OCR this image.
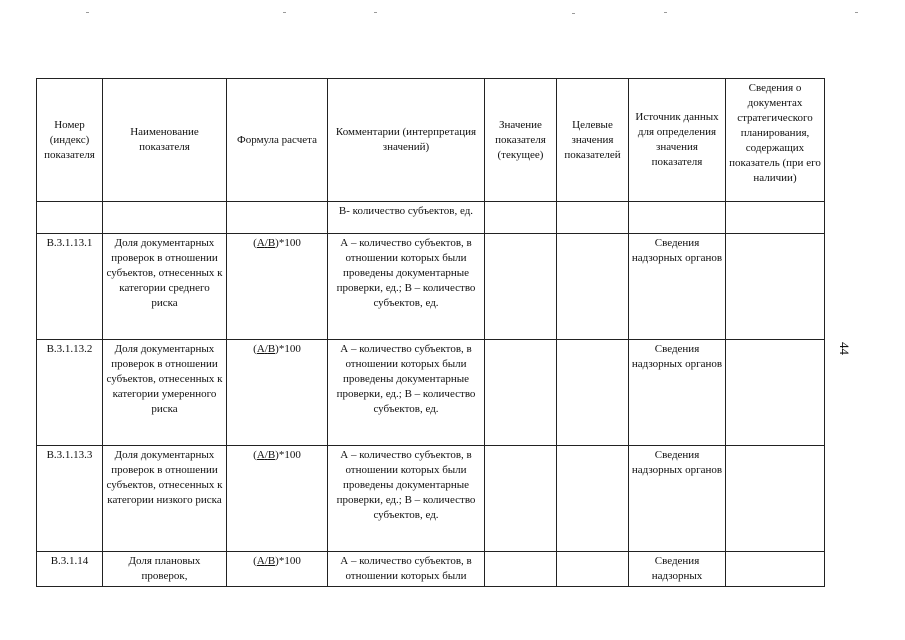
44
Номер (индекс) показателя	Наименование показателя	Формула расчета	Комментарии (интерпретация значений)	Значение показателя (текущее)	Целевые значения показателей	Источник данных для определения значения показателя	Сведения о документах стратегического планирования, содержащих показатель (при его наличии)
			В- количество субъектов, ед.				
В.3.1.13.1	Доля документарных проверок в отношении субъектов, отнесенных к категории среднего риска	(А/В)*100	А – количество субъектов, в отношении которых были проведены документарные проверки, ед.; В – количество субъектов, ед.			Сведения надзорных органов	
В.3.1.13.2	Доля документарных проверок в отношении субъектов, отнесенных к категории умеренного риска	(А/В)*100	А – количество субъектов, в отношении которых были проведены документарные проверки, ед.; В – количество субъектов, ед.			Сведения надзорных органов	
В.3.1.13.3	Доля документарных проверок в отношении субъектов, отнесенных к категории низкого риска	(А/В)*100	А – количество субъектов, в отношении которых были проведены документарные проверки, ед.; В – количество субъектов, ед.			Сведения надзорных органов	
В.3.1.14	Доля плановых проверок,	(А/В)*100	А – количество субъектов, в отношении которых были			Сведения надзорных	
